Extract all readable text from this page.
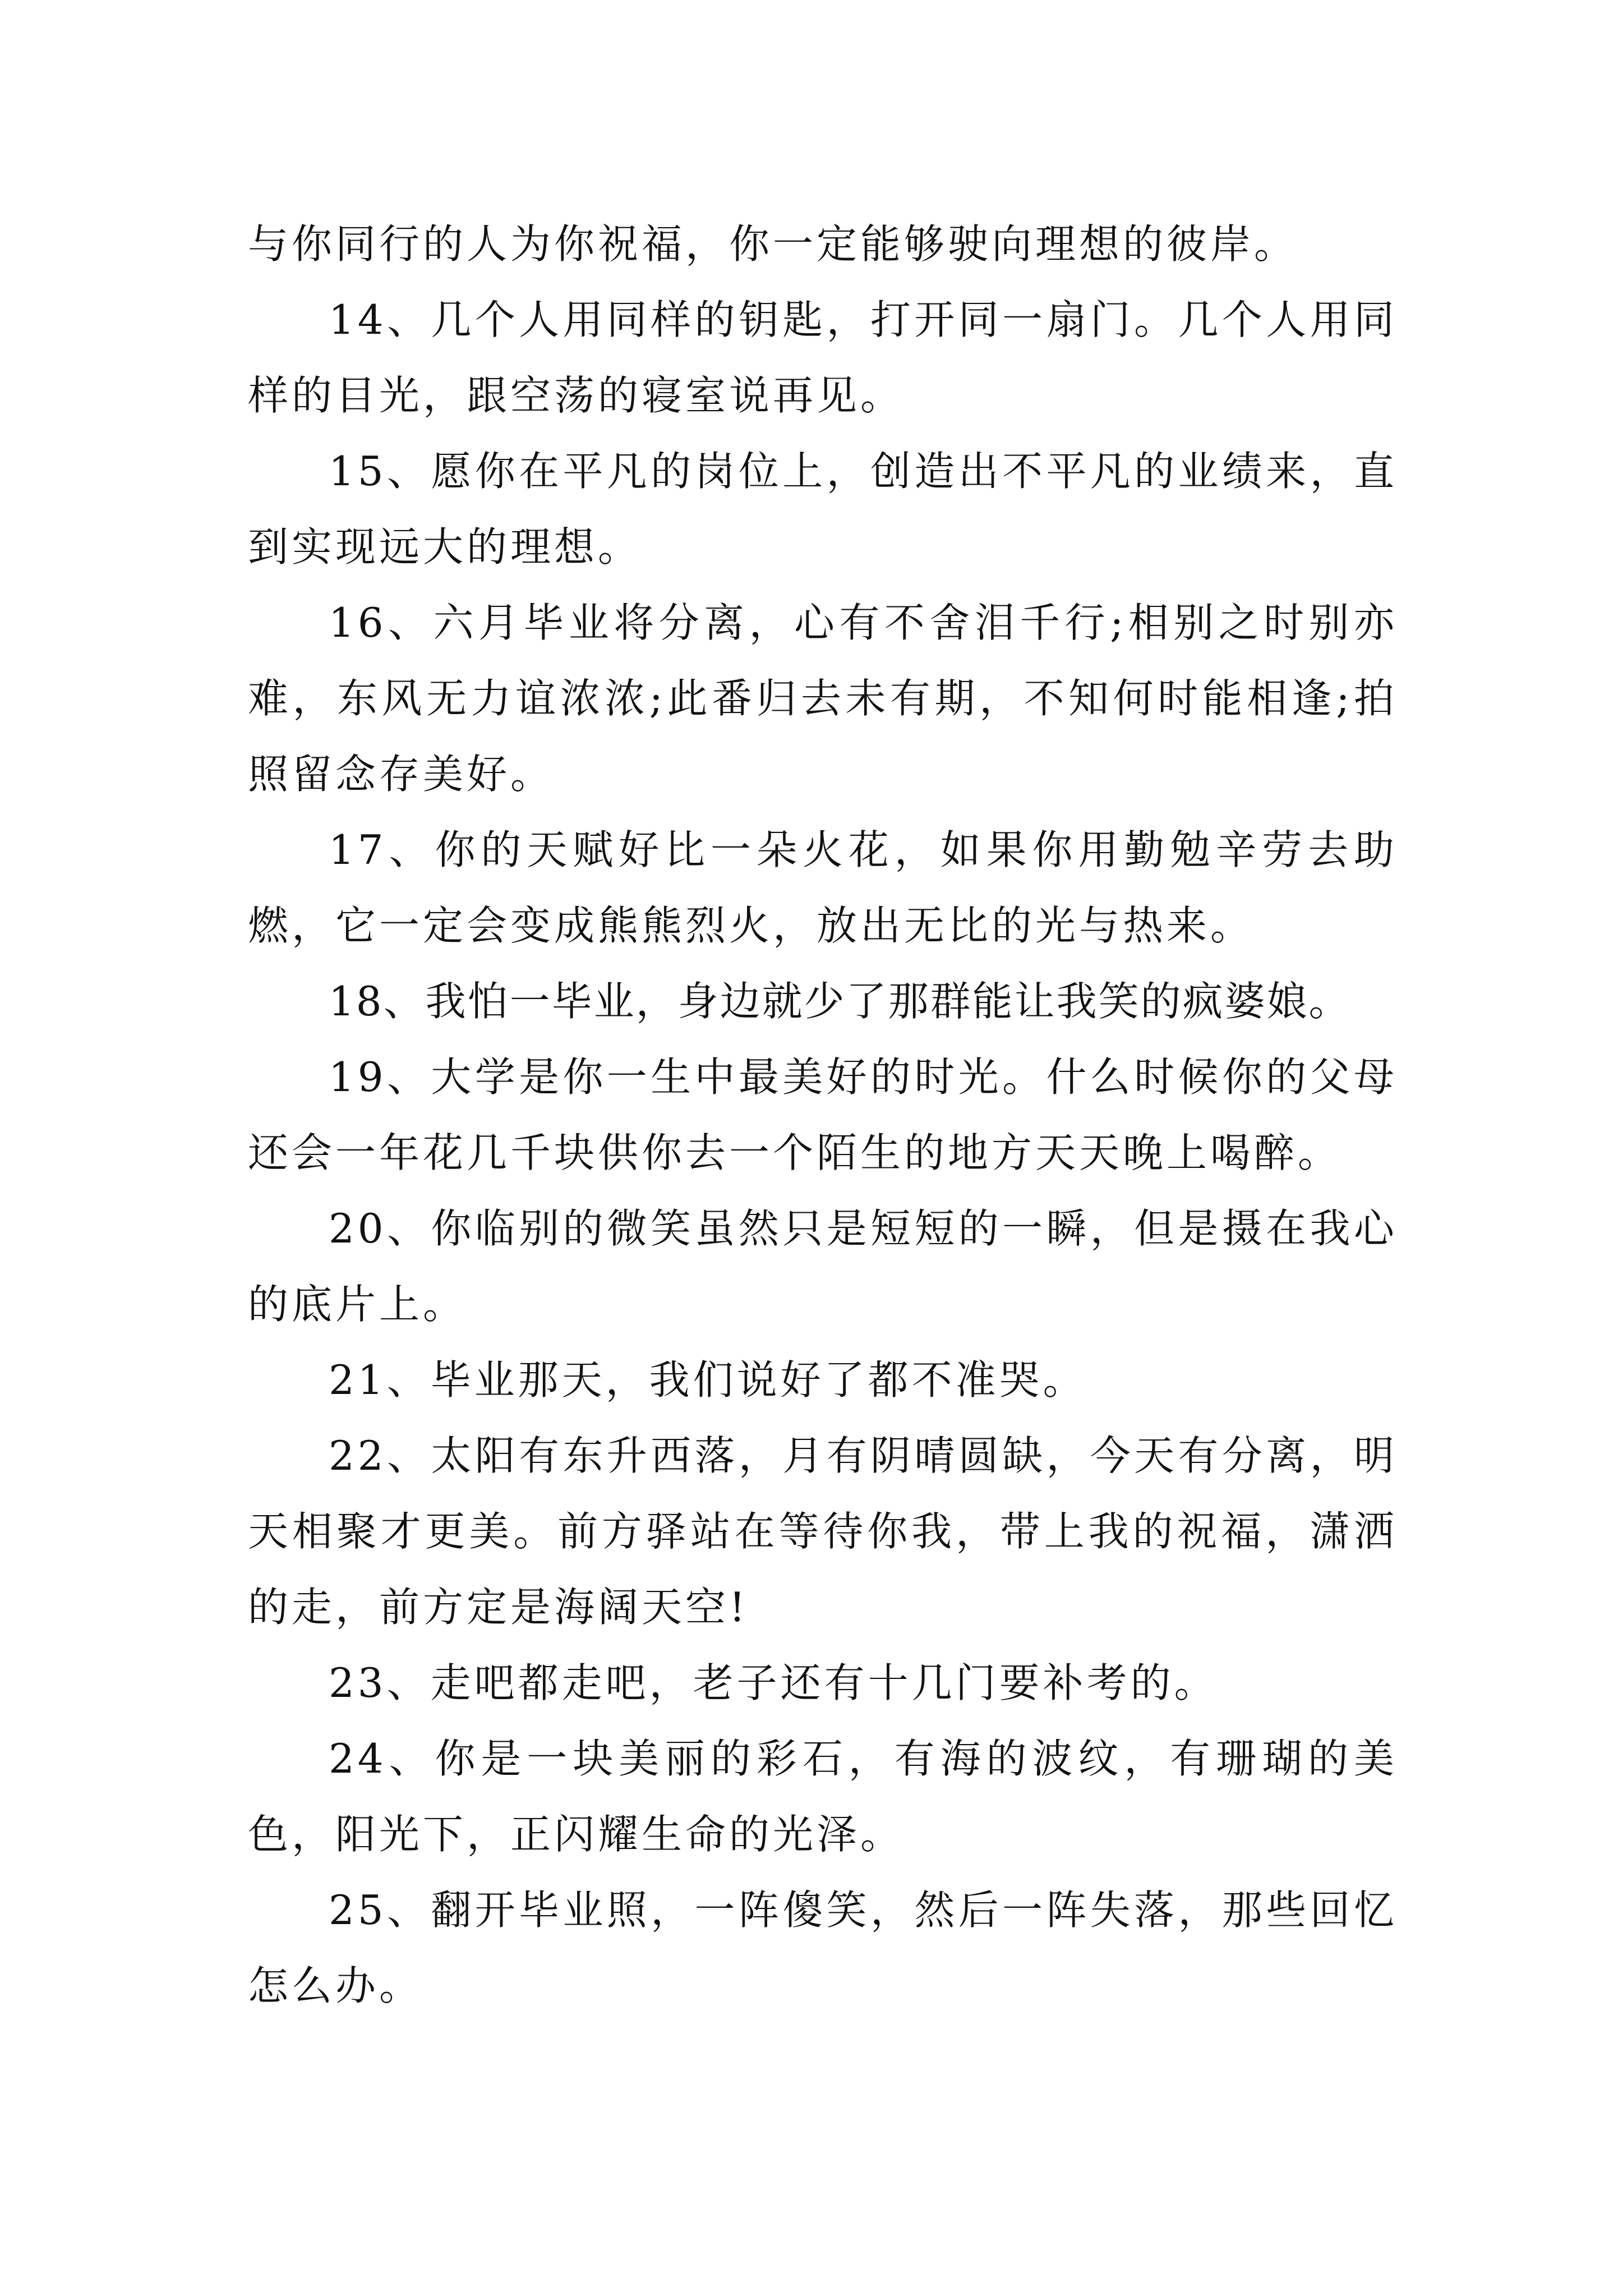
与你同行的人为你祝福，你一定能够驶向理想的彼岸。

14、几个人用同样的钥匙，打开同一扇门。几个人用同样的目光，跟空荡的寝室说再见。

15、愿你在平凡的岗位上，创造出不平凡的业绩来，直到实现远大的理想。

16、六月毕业将分离，心有不舍泪千行;相别之时别亦难，东风无力谊浓浓;此番归去未有期，不知何时能相逢;拍照留念存美好。

17、你的天赋好比一朵火花，如果你用勤勉辛劳去助燃，它一定会变成熊熊烈火，放出无比的光与热来。

18、我怕一毕业，身边就少了那群能让我笑的疯婆娘。

19、大学是你一生中最美好的时光。什么时候你的父母还会一年花几千块供你去一个陌生的地方天天晚上喝醉。

20、你临别的微笑虽然只是短短的一瞬，但是摄在我心的底片上。

21、毕业那天，我们说好了都不准哭。

22、太阳有东升西落，月有阴晴圆缺，今天有分离，明天相聚才更美。前方驿站在等待你我，带上我的祝福，潇洒的走，前方定是海阔天空!

23、走吧都走吧，老子还有十几门要补考的。

24、你是一块美丽的彩石，有海的波纹，有珊瑚的美色，阳光下，正闪耀生命的光泽。

25、翻开毕业照，一阵傻笑，然后一阵失落，那些回忆怎么办。
